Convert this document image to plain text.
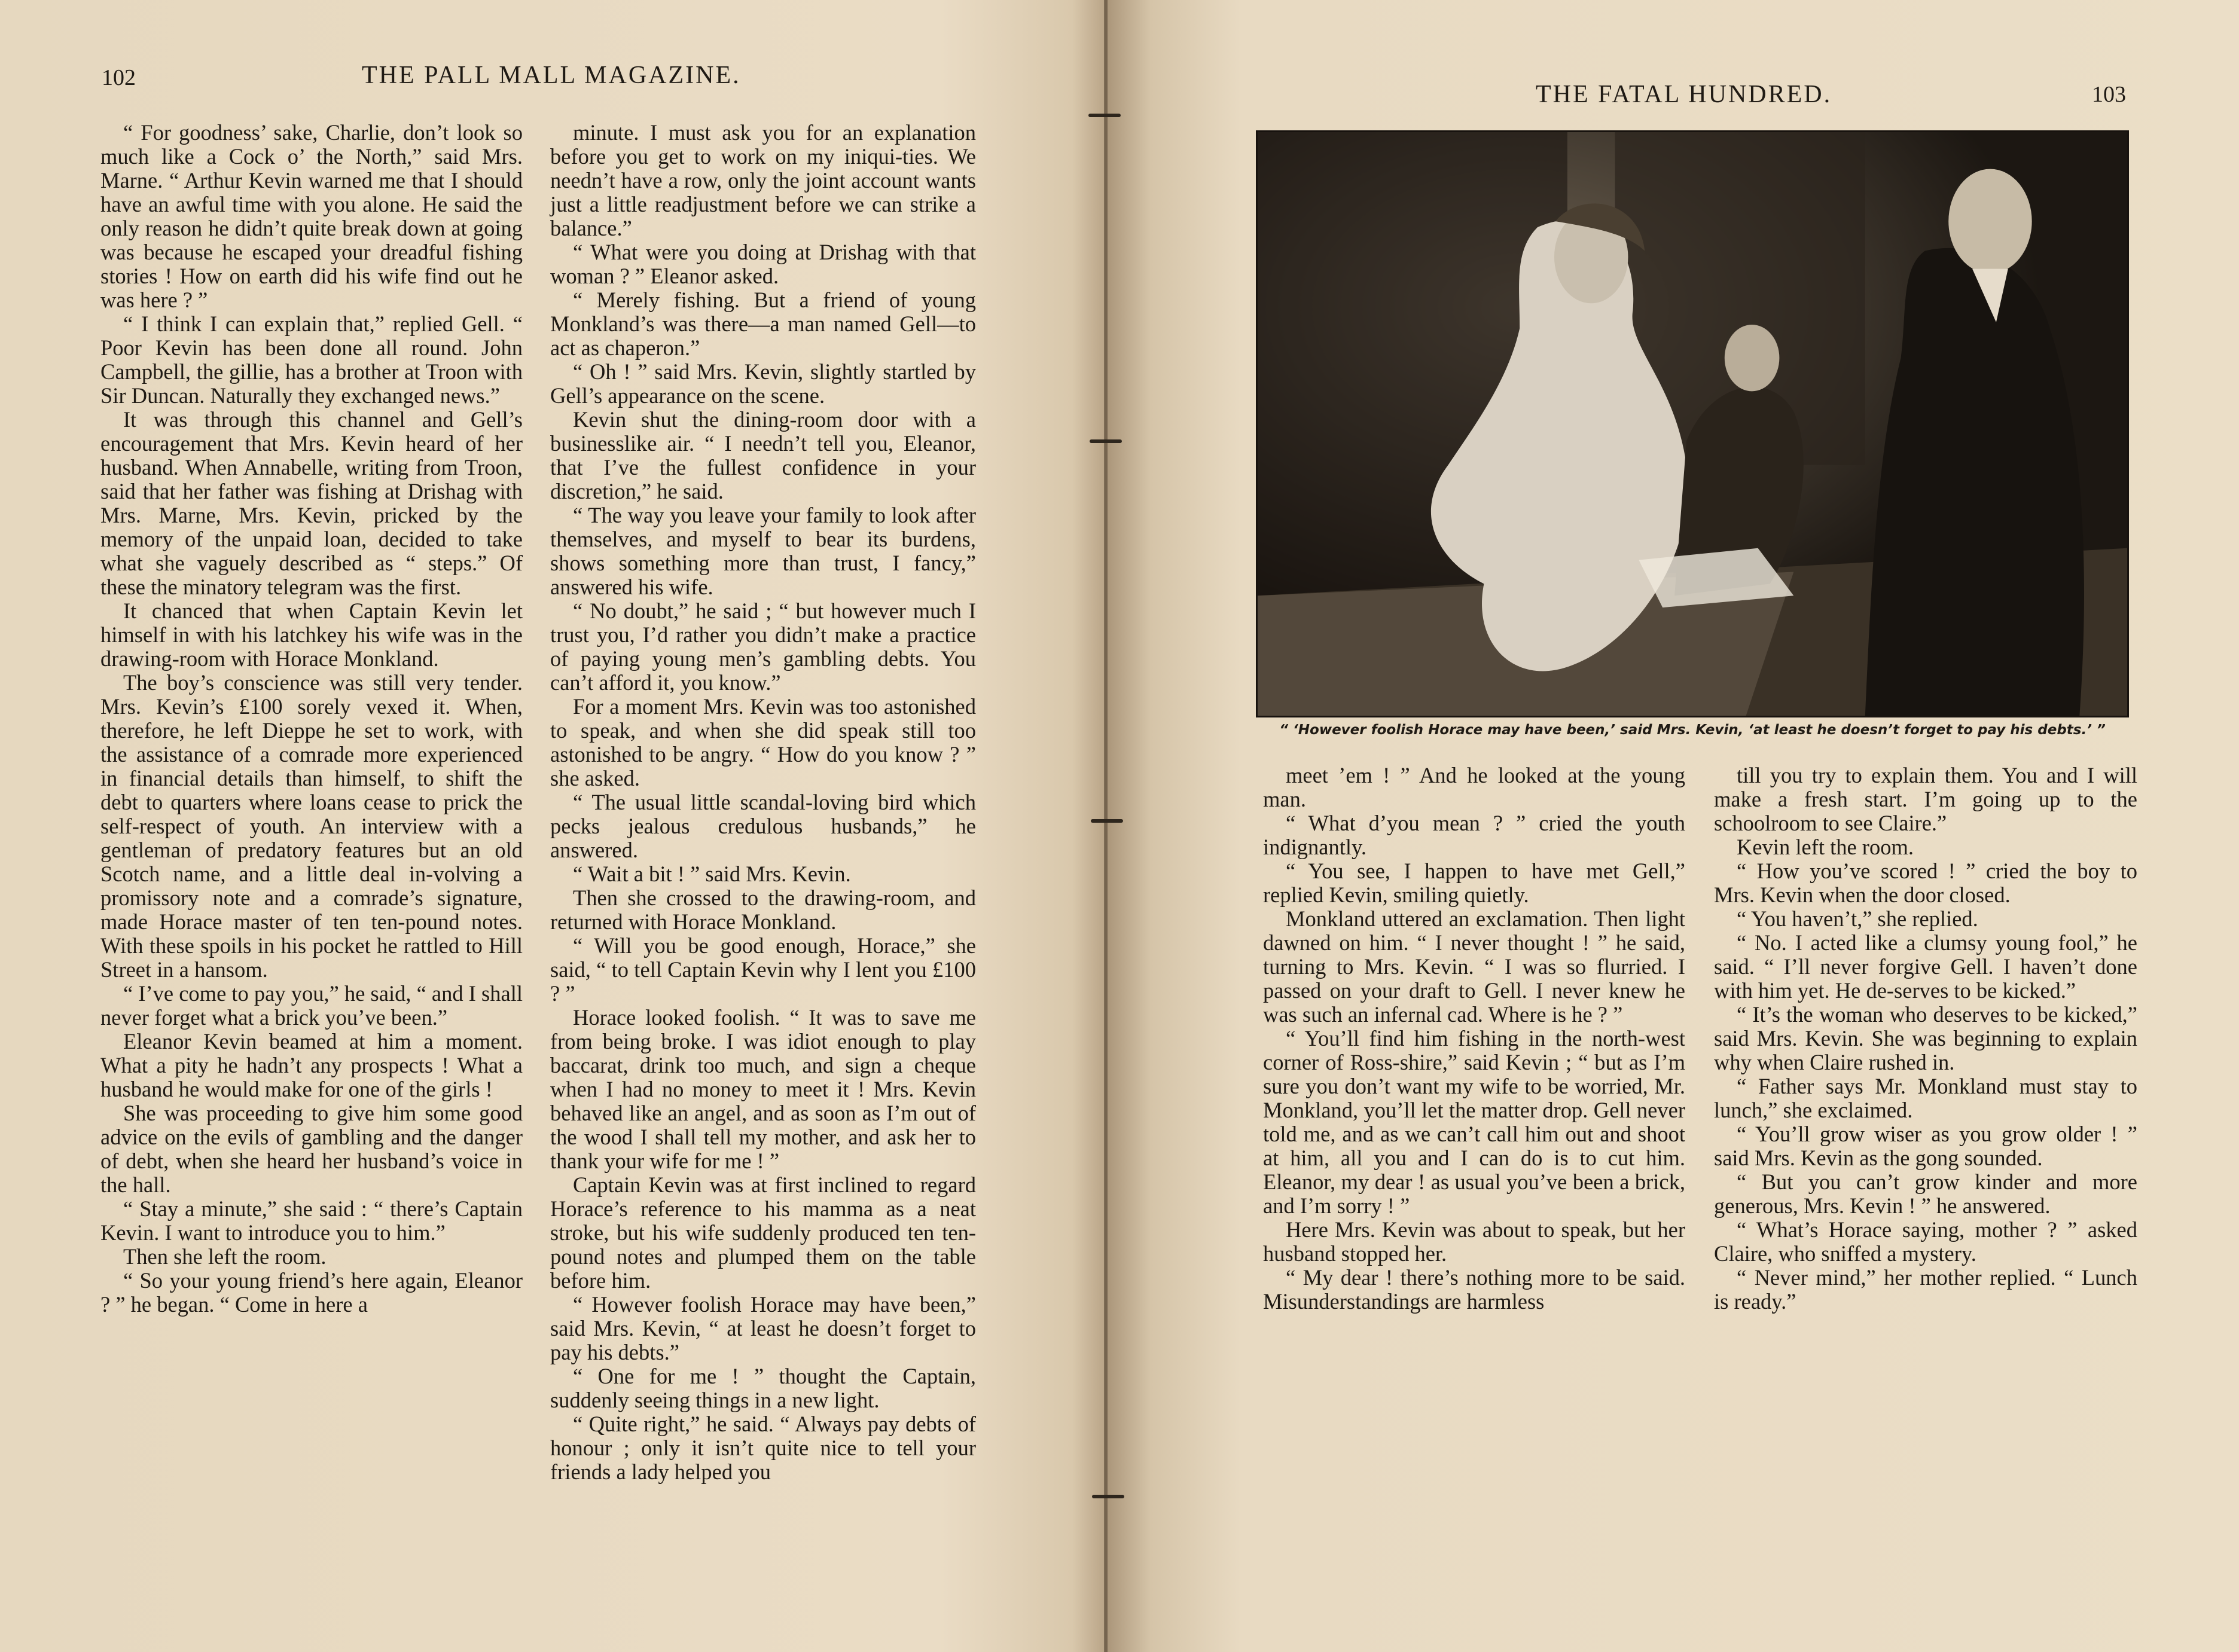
102	THE PALL MALL MAGAZINE.

“ For goodness’ sake, Charlie, don’t look so much like a Cock o’ the North,” said Mrs. Marne. “ Arthur Kevin warned me that I should have an awful time with you alone. He said the only reason he didn’t quite break down at going was because he escaped your dreadful fishing stories ! How on earth did his wife find out he was here ? ”

“ I think I can explain that,” replied Gell. “ Poor Kevin has been done all round. John Campbell, the gillie, has a brother at Troon with Sir Duncan. Naturally they exchanged news.”

It was through this channel and Gell’s encouragement that Mrs. Kevin heard of her husband. When Annabelle, writing from Troon, said that her father was fishing at Drishag with Mrs. Marne, Mrs. Kevin, pricked by the memory of the unpaid loan, decided to take what she vaguely described as “ steps.” Of these the minatory telegram was the first.

It chanced that when Captain Kevin let himself in with his latchkey his wife was in the drawing-room with Horace Monkland.

The boy’s conscience was still very tender. Mrs. Kevin’s £100 sorely vexed it. When, therefore, he left Dieppe he set to work, with the assistance of a comrade more experienced in financial details than himself, to shift the debt to quarters where loans cease to prick the self-respect of youth. An interview with a gentleman of predatory features but an old Scotch name, and a little deal in-volving a promissory note and a comrade’s signature, made Horace master of ten ten-pound notes. With these spoils in his pocket he rattled to Hill Street in a hansom.

“ I’ve come to pay you,” he said, “ and I shall never forget what a brick you’ve been.”

Eleanor Kevin beamed at him a moment. What a pity he hadn’t any prospects ! What a husband he would make for one of the girls !

She was proceeding to give him some good advice on the evils of gambling and the danger of debt, when she heard her husband’s voice in the hall.

“ Stay a minute,” she said : “ there’s Captain Kevin. I want to introduce you to him.”

Then she left the room.

“ So your young friend’s here again, Eleanor ? ” he began. “ Come in here a

minute. I must ask you for an explanation before you get to work on my iniqui-ties. We needn’t have a row, only the joint account wants just a little readjustment before we can strike a balance.”

“ What were you doing at Drishag with that woman ? ” Eleanor asked.

“ Merely fishing. But a friend of young Monkland’s was there—a man named Gell—to act as chaperon.”

“ Oh ! ” said Mrs. Kevin, slightly startled by Gell’s appearance on the scene.

Kevin shut the dining-room door with a businesslike air. “ I needn’t tell you, Eleanor, that I’ve the fullest confidence in your discretion,” he said.

“ The way you leave your family to look after themselves, and myself to bear its burdens, shows something more than trust, I fancy,” answered his wife.

“ No doubt,” he said ; “ but however much I trust you, I’d rather you didn’t make a practice of paying young men’s gambling debts. You can’t afford it, you know.”

For a moment Mrs. Kevin was too astonished to speak, and when she did speak still too astonished to be angry. “ How do you know ? ” she asked.

“ The usual little scandal-loving bird which pecks jealous credulous husbands,” he answered.

“ Wait a bit ! ” said Mrs. Kevin.

Then she crossed to the drawing-room, and returned with Horace Monkland.

“ Will you be good enough, Horace,” she said, “ to tell Captain Kevin why I lent you £100 ? ”

Horace looked foolish. “ It was to save me from being broke. I was idiot enough to play baccarat, drink too much, and sign a cheque when I had no money to meet it ! Mrs. Kevin behaved like an angel, and as soon as I’m out of the wood I shall tell my mother, and ask her to thank your wife for me ! ”

Captain Kevin was at first inclined to regard Horace’s reference to his mamma as a neat stroke, but his wife suddenly produced ten ten-pound notes and plumped them on the table before him.

“ However foolish Horace may have been,” said Mrs. Kevin, “ at least he doesn’t forget to pay his debts.”

“ One for me ! ” thought the Captain, suddenly seeing things in a new light.

“ Quite right,” he said. “ Always pay debts of honour ; only it isn’t quite nice to tell your friends a lady helped you

THE FATAL HUNDRED.	103
“ ‘However foolish Horace may have been,’ said Mrs. Kevin, ‘at least he doesn’t forget to pay his debts.’ ”

meet ’em ! ” And he looked at the young man.

“ What d’you mean ? ” cried the youth indignantly.

“ You see, I happen to have met Gell,” replied Kevin, smiling quietly.

Monkland uttered an exclamation. Then light dawned on him. “ I never thought ! ” he said, turning to Mrs. Kevin. “ I was so flurried. I passed on your draft to Gell. I never knew he was such an infernal cad. Where is he ? ”

“ You’ll find him fishing in the north-west corner of Ross-shire,” said Kevin ; “ but as I’m sure you don’t want my wife to be worried, Mr. Monkland, you’ll let the matter drop. Gell never told me, and as we can’t call him out and shoot at him, all you and I can do is to cut him. Eleanor, my dear ! as usual you’ve been a brick, and I’m sorry ! ”

Here Mrs. Kevin was about to speak, but her husband stopped her.

“ My dear ! there’s nothing more to be said. Misunderstandings are harmless

till you try to explain them. You and I will make a fresh start. I’m going up to the schoolroom to see Claire.”

Kevin left the room.

“ How you’ve scored ! ” cried the boy to Mrs. Kevin when the door closed.

“ You haven’t,” she replied.

“ No. I acted like a clumsy young fool,” he said. “ I’ll never forgive Gell. I haven’t done with him yet. He de-serves to be kicked.”

“ It’s the woman who deserves to be kicked,” said Mrs. Kevin. She was beginning to explain why when Claire rushed in.

“ Father says Mr. Monkland must stay to lunch,” she exclaimed.

“ You’ll grow wiser as you grow older ! ” said Mrs. Kevin as the gong sounded.

“ But you can’t grow kinder and more generous, Mrs. Kevin ! ” he answered.

“ What’s Horace saying, mother ? ” asked Claire, who sniffed a mystery.

“ Never mind,” her mother replied. “ Lunch is ready.”
